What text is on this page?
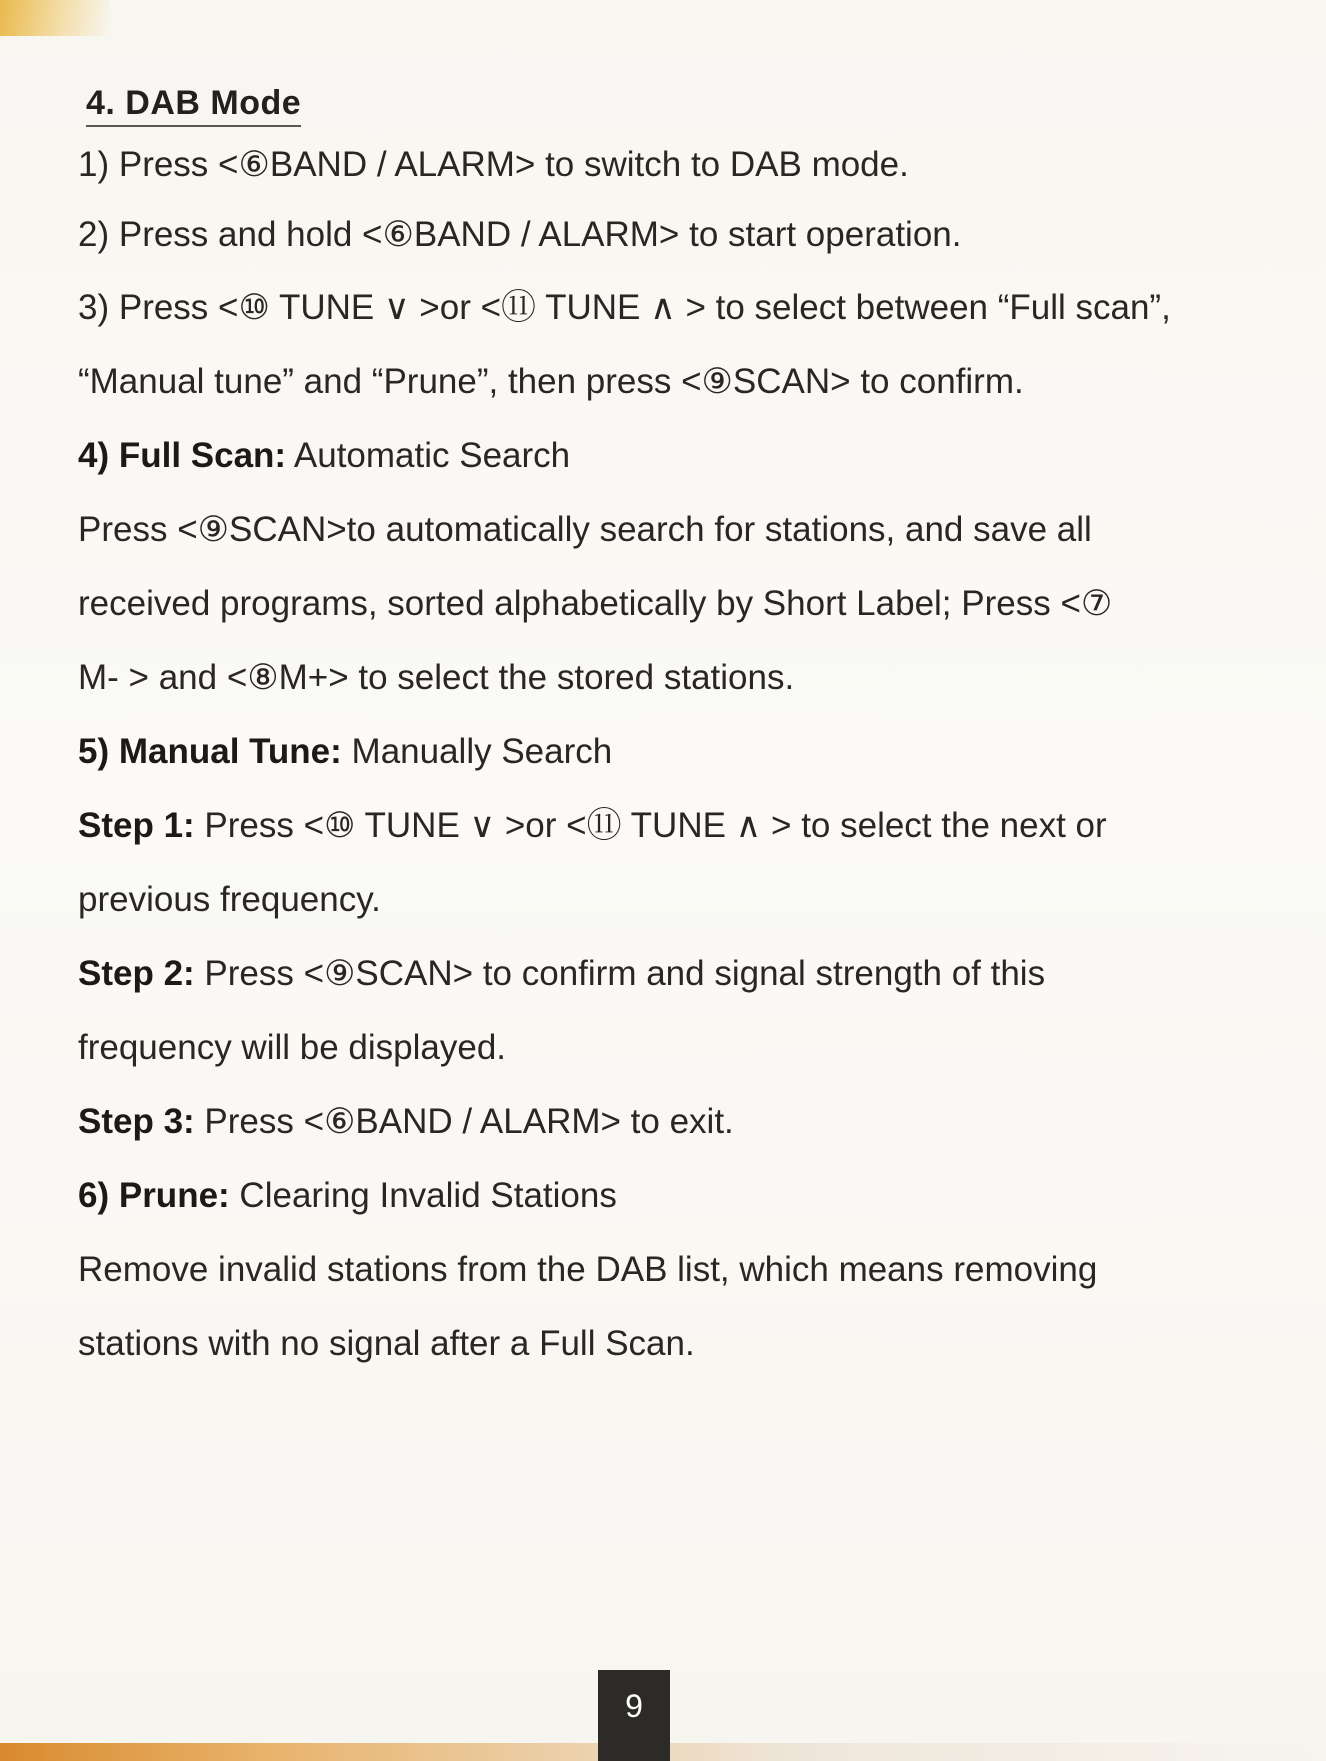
4. DAB Mode
1) Press <⑥BAND / ALARM> to switch to DAB mode.
2) Press and hold <⑥BAND / ALARM> to start operation.
3) Press <⑩ TUNE ∨ >or <⑪ TUNE ∧ > to select between “Full scan”,
“Manual tune” and “Prune”, then press <⑨SCAN> to confirm.
4) Full Scan: Automatic Search
Press <⑨SCAN>to automatically search for stations, and save all
received programs, sorted alphabetically by Short Label; Press <⑦
M- > and <⑧M+> to select the stored stations.
5) Manual Tune: Manually Search
Step 1: Press <⑩ TUNE ∨ >or <⑪ TUNE ∧ > to select the next or
previous frequency.
Step 2: Press <⑨SCAN> to confirm and signal strength of this
frequency will be displayed.
Step 3: Press <⑥BAND / ALARM> to exit.
6) Prune: Clearing Invalid Stations
Remove invalid stations from the DAB list, which means removing
stations with no signal after a Full Scan.
9
